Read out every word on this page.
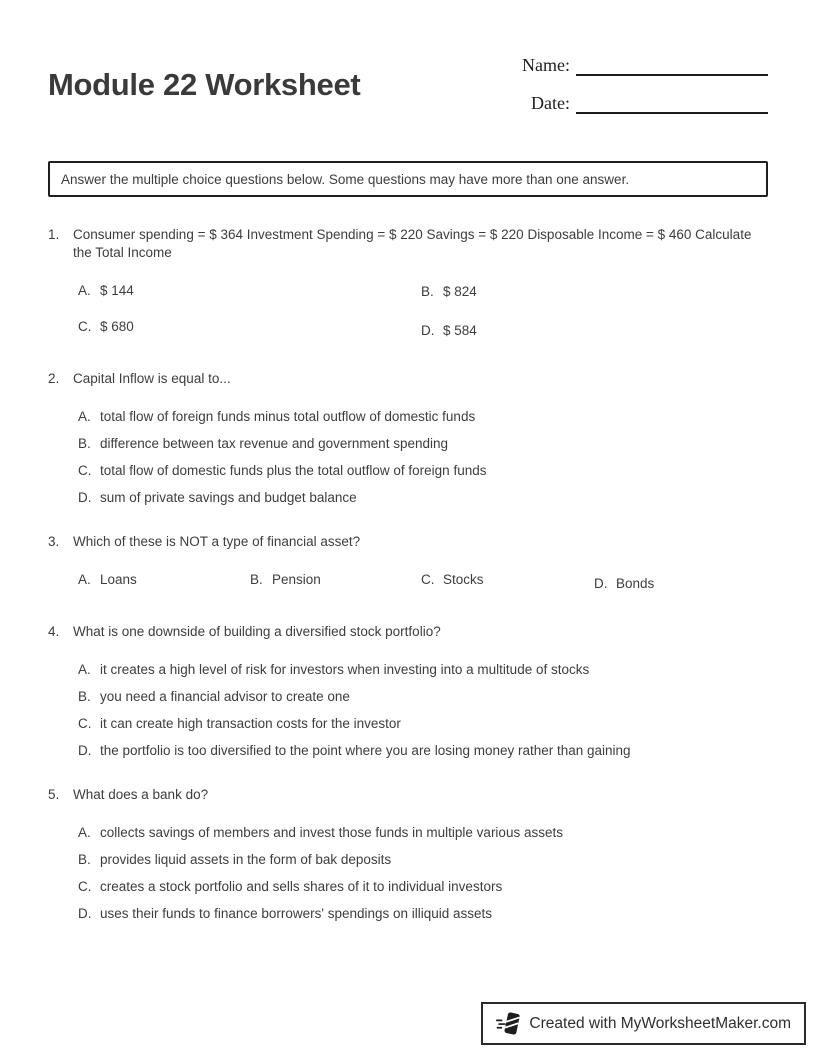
Module 22 Worksheet
Name:
Date:
Answer the multiple choice questions below. Some questions may have more than one answer.
1.	Consumer spending = $ 364 Investment Spending = $ 220 Savings = $ 220 Disposable Income = $ 460 Calculate the Total Income

A. $ 144	B. $ 824
C. $ 680	D. $ 584
2.	Capital Inflow is equal to...

A. total flow of foreign funds minus total outflow of domestic funds
B. difference between tax revenue and government spending
C. total flow of domestic funds plus the total outflow of foreign funds
D. sum of private savings and budget balance
3.	Which of these is NOT a type of financial asset?

A. Loans	B. Pension	C. Stocks	D. Bonds
4.	What is one downside of building a diversified stock portfolio?

A. it creates a high level of risk for investors when investing into a multitude of stocks
B. you need a financial advisor to create one
C. it can create high transaction costs for the investor
D. the portfolio is too diversified to the point where you are losing money rather than gaining
5.	What does a bank do?

A. collects savings of members and invest those funds in multiple various assets
B. provides liquid assets in the form of bak deposits
C. creates a stock portfolio and sells shares of it to individual investors
D. uses their funds to finance borrowers' spendings on illiquid assets
Created with MyWorksheetMaker.com
